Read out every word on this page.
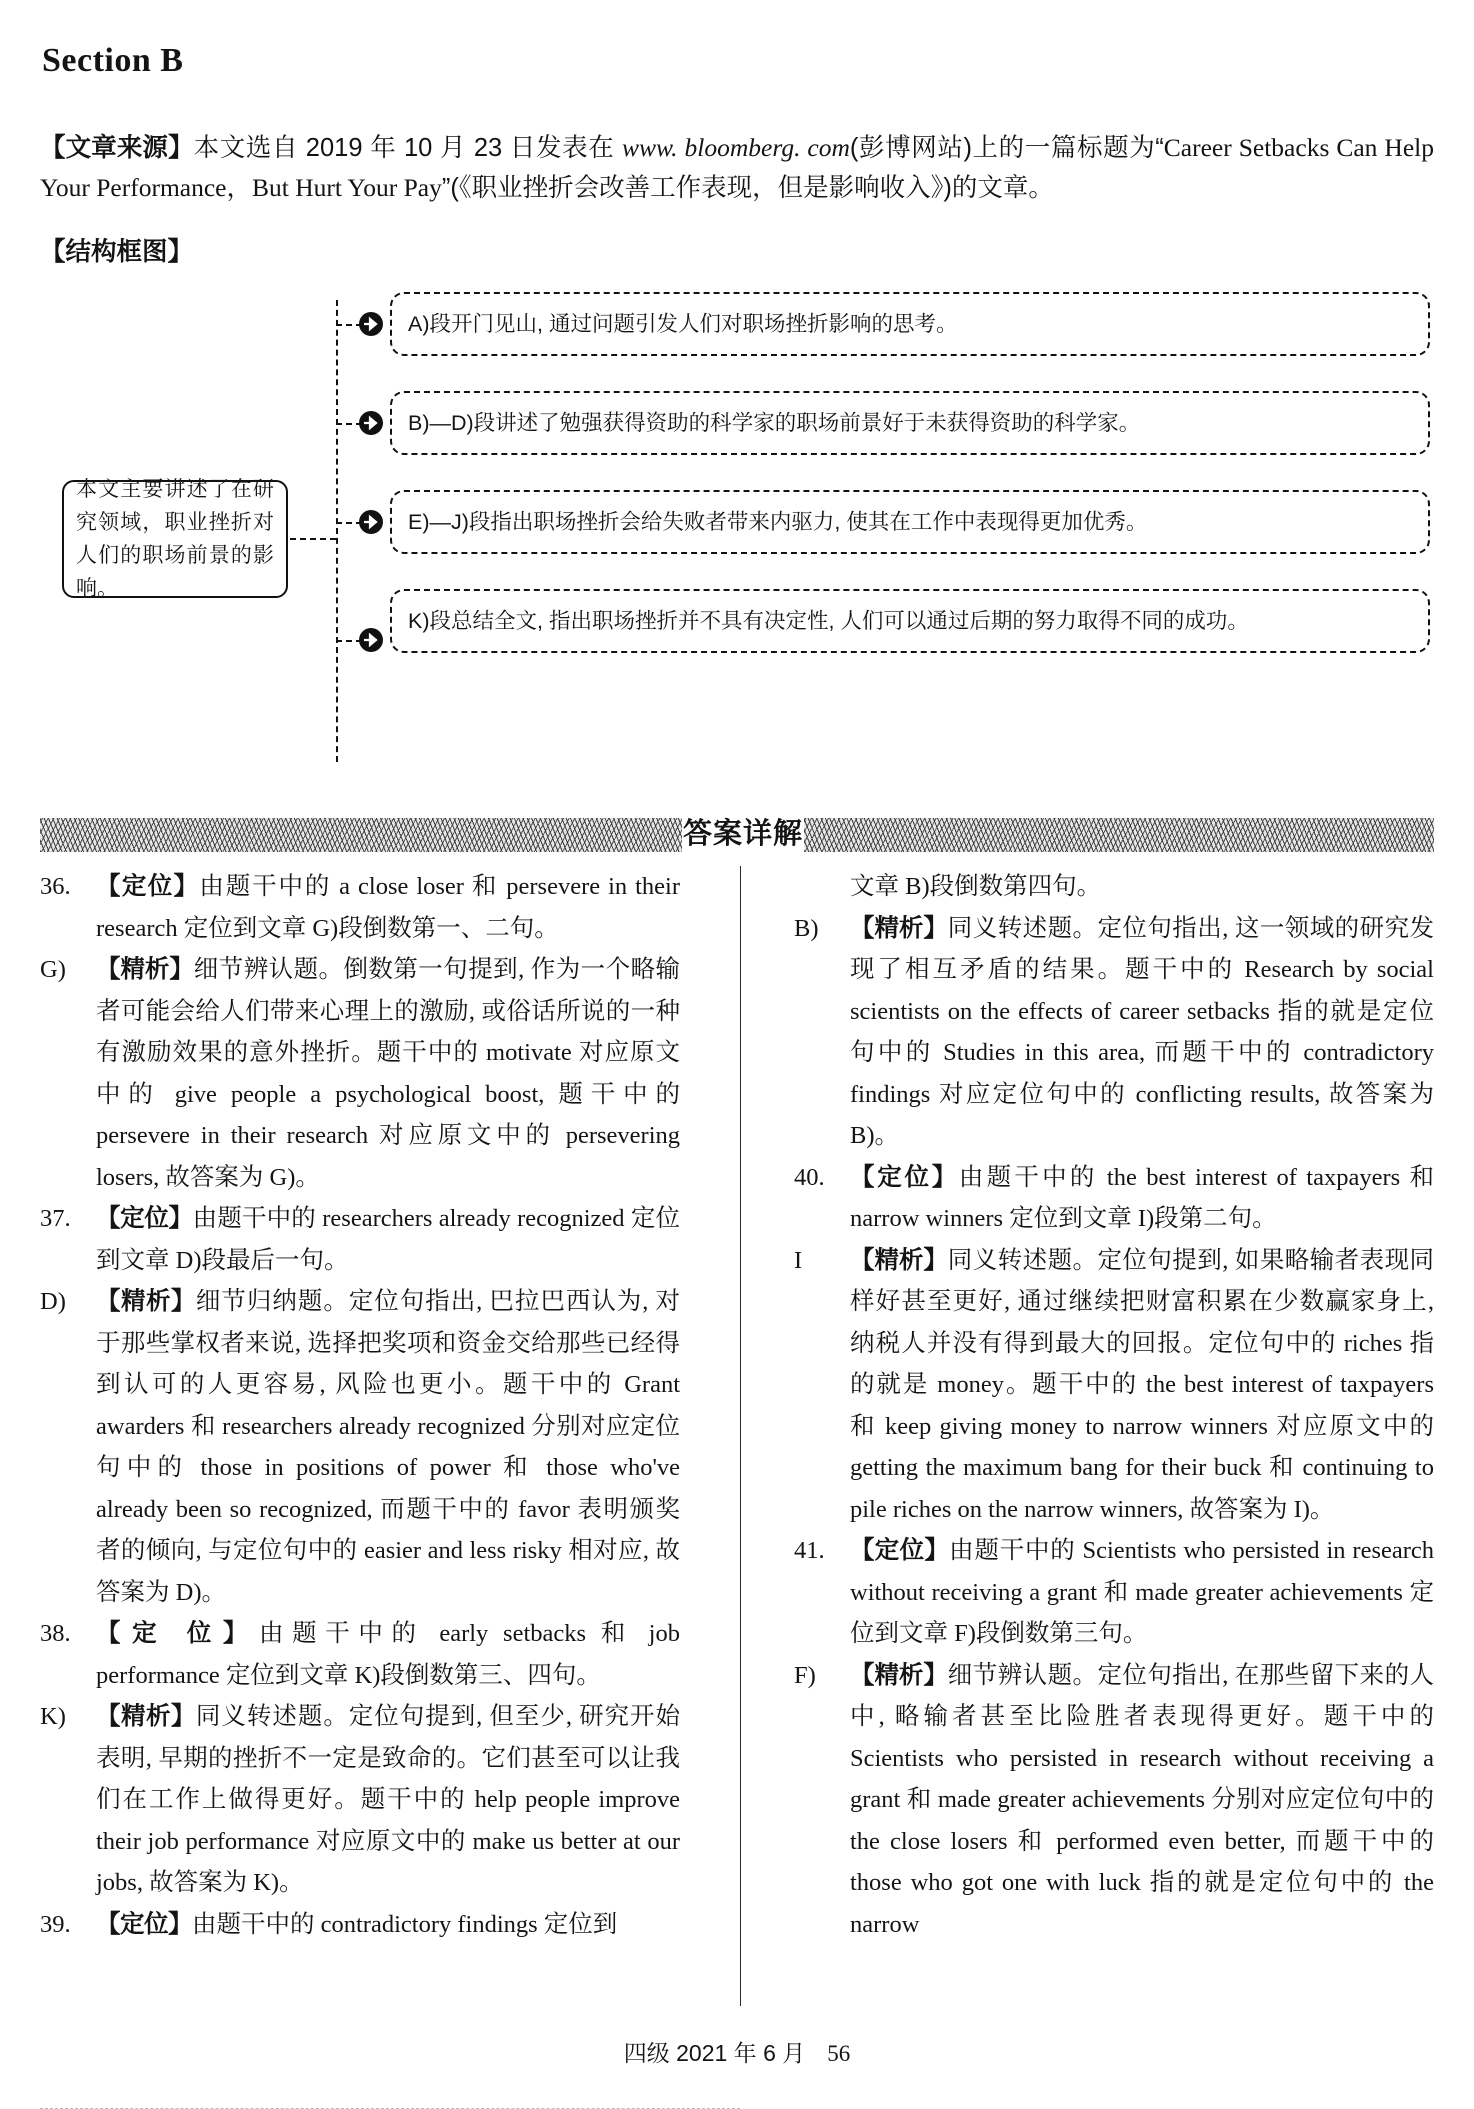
Section B
【文章来源】本文选自 2019 年 10 月 23 日发表在 www. bloomberg. com(彭博网站)上的一篇标题为“Career Setbacks Can Help Your Performance，But Hurt Your Pay”(《职业挫折会改善工作表现，但是影响收入》)的文章。
【结构框图】
本文主要讲述了在研究领域，职业挫折对人们的职场前景的影响。
A)段开门见山, 通过问题引发人们对职场挫折影响的思考。
B)—D)段讲述了勉强获得资助的科学家的职场前景好于未获得资助的科学家。
E)—J)段指出职场挫折会给失败者带来内驱力, 使其在工作中表现得更加优秀。
K)段总结全文, 指出职场挫折并不具有决定性, 人们可以通过后期的努力取得不同的成功。
答案详解
36.	【定位】由题干中的 a close loser 和 persevere in their research 定位到文章 G)段倒数第一、二句。
G)	【精析】细节辨认题。倒数第一句提到, 作为一个略输者可能会给人们带来心理上的激励, 或俗话所说的一种有激励效果的意外挫折。题干中的 motivate 对应原文中的 give people a psychological boost, 题干中的 persevere in their research 对应原文中的 persevering losers, 故答案为 G)。
37.	【定位】由题干中的 researchers already recognized 定位到文章 D)段最后一句。
D)	【精析】细节归纳题。定位句指出, 巴拉巴西认为, 对于那些掌权者来说, 选择把奖项和资金交给那些已经得到认可的人更容易, 风险也更小。题干中的 Grant awarders 和 researchers already recognized 分别对应定位句中的 those in positions of power 和 those who've already been so recognized, 而题干中的 favor 表明颁奖者的倾向, 与定位句中的 easier and less risky 相对应, 故答案为 D)。
38.	【定 位】由题干中的 early setbacks 和 job performance 定位到文章 K)段倒数第三、四句。
K)	【精析】同义转述题。定位句提到, 但至少, 研究开始表明, 早期的挫折不一定是致命的。它们甚至可以让我们在工作上做得更好。题干中的 help people improve their job performance 对应原文中的 make us better at our jobs, 故答案为 K)。
39.	【定位】由题干中的 contradictory findings 定位到
文章 B)段倒数第四句。
B)	【精析】同义转述题。定位句指出, 这一领域的研究发现了相互矛盾的结果。题干中的 Research by social scientists on the effects of career setbacks 指的就是定位句中的 Studies in this area, 而题干中的 contradictory findings 对应定位句中的 conflicting results, 故答案为 B)。
40.	【定位】由题干中的 the best interest of taxpayers 和 narrow winners 定位到文章 I)段第二句。
I	【精析】同义转述题。定位句提到, 如果略输者表现同样好甚至更好, 通过继续把财富积累在少数赢家身上, 纳税人并没有得到最大的回报。定位句中的 riches 指的就是 money。题干中的 the best interest of taxpayers 和 keep giving money to narrow winners 对应原文中的 getting the maximum bang for their buck 和 continuing to pile riches on the narrow winners, 故答案为 I)。
41.	【定位】由题干中的 Scientists who persisted in research without receiving a grant 和 made greater achievements 定位到文章 F)段倒数第三句。
F)	【精析】细节辨认题。定位句指出, 在那些留下来的人中, 略输者甚至比险胜者表现得更好。题干中的 Scientists who persisted in research without receiving a grant 和 made greater achievements 分别对应定位句中的 the close losers 和 performed even better, 而题干中的 those who got one with luck 指的就是定位句中的 the narrow
四级 2021 年 6 月 56
